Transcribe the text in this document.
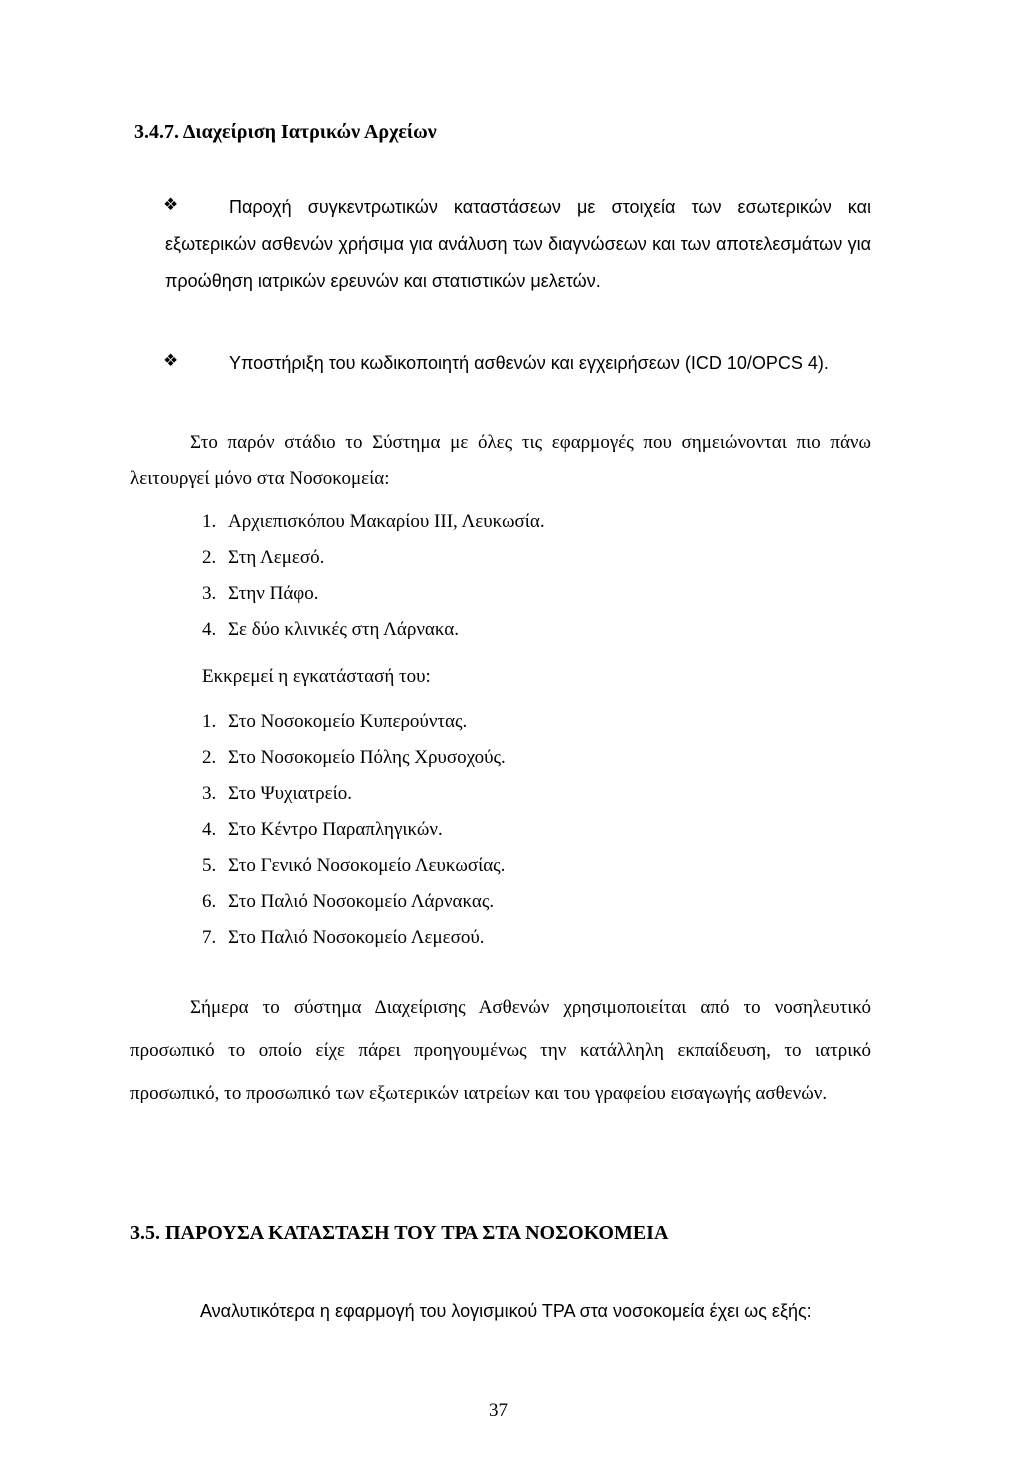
3.4.7. Διαχείριση Ιατρικών Αρχείων
❖	Παροχή συγκεντρωτικών καταστάσεων με στοιχεία των εσωτερικών και εξωτερικών ασθενών χρήσιμα για ανάλυση των διαγνώσεων και των αποτελεσμάτων για προώθηση ιατρικών ερευνών και στατιστικών μελετών.

❖	Υποστήριξη του κωδικοποιητή ασθενών και εγχειρήσεων (ICD 10/OPCS 4).

Στο παρόν στάδιο το Σύστημα με όλες τις εφαρμογές που σημειώνονται πιο πάνω λειτουργεί μόνο στα Νοσοκομεία:

1. Αρχιεπισκόπου Μακαρίου ΙΙΙ, Λευκωσία.
2. Στη Λεμεσό.
3. Στην Πάφο.
4. Σε δύο κλινικές στη Λάρνακα.
Εκκρεμεί η εγκατάστασή του:
1. Στο Νοσοκομείο Κυπερούντας.
2. Στο Νοσοκομείο Πόλης Χρυσοχούς.
3. Στο Ψυχιατρείο.
4. Στο Κέντρο Παραπληγικών.
5. Στο Γενικό Νοσοκομείο Λευκωσίας.
6. Στο Παλιό Νοσοκομείο Λάρνακας.
7. Στο Παλιό Νοσοκομείο Λεμεσού.

Σήμερα το σύστημα Διαχείρισης Ασθενών χρησιμοποιείται από το νοσηλευτικό προσωπικό το οποίο είχε πάρει προηγουμένως την κατάλληλη εκπαίδευση, το ιατρικό προσωπικό, το προσωπικό των εξωτερικών ιατρείων και του γραφείου εισαγωγής ασθενών.

3.5. ΠΑΡΟΥΣΑ ΚΑΤΑΣΤΑΣΗ ΤΟΥ ΤΡΑ ΣΤΑ ΝΟΣΟΚΟΜΕΙΑ

Αναλυτικότερα η εφαρμογή του λογισμικού ΤΡΑ στα νοσοκομεία έχει ως εξής:

37
